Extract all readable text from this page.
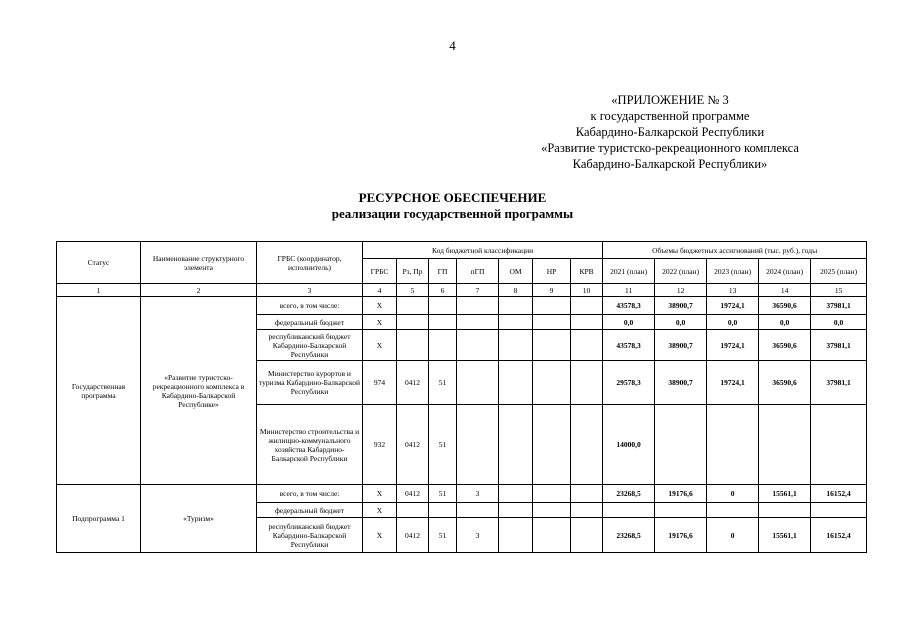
4
«ПРИЛОЖЕНИЕ № 3
к государственной программе
Кабардино-Балкарской Республики
«Развитие туристско-рекреационного комплекса
Кабардино-Балкарской Республики»
РЕСУРСНОЕ ОБЕСПЕЧЕНИЕ
реализации государственной программы
Статус	Наименование структурного элемента	ГРБС (координатор, исполнитель)	Код бюджетной классификации							Объемы бюджетных ассигнований (тыс. руб.), годы				
			ГРБС	Рз, Пр	ГП	пГП	ОМ	НР	КРВ	2021 (план)	2022 (план)	2023 (план)	2024 (план)	2025 (план)
1	2	3	4	5	6	7	8	9	10	11	12	13	14	15
Государственная программа	«Развитие туристско-рекреационного комплекса в Кабардино-Балкарской Республике»	всего, в том числе:	Х							43578,3	38900,7	19724,1	36590,6	37981,1
		федеральный бюджет	Х							0,0	0,0	0,0	0,0	0,0
		республиканский бюджет Кабардино-Балкарской Республики	Х							43578,3	38900,7	19724,1	36590,6	37981,1
		Министерство курортов и туризма Кабардино-Балкарской Республики	974	0412	51					29578,3	38900,7	19724,1	36590,6	37981,1
		Министерство строительства и жилищно-коммунального хозяйства Кабардино-Балкарской Республики	932	0412	51					14000,0				
Подпрограмма 1	«Туризм»	всего, в том числе:	Х	0412	51	3				23268,5	19176,6	0	15561,1	16152,4
		федеральный бюджет	Х											
		республиканский бюджет Кабардино-Балкарской Республики	Х	0412	51	3				23268,5	19176,6	0	15561,1	16152,4
